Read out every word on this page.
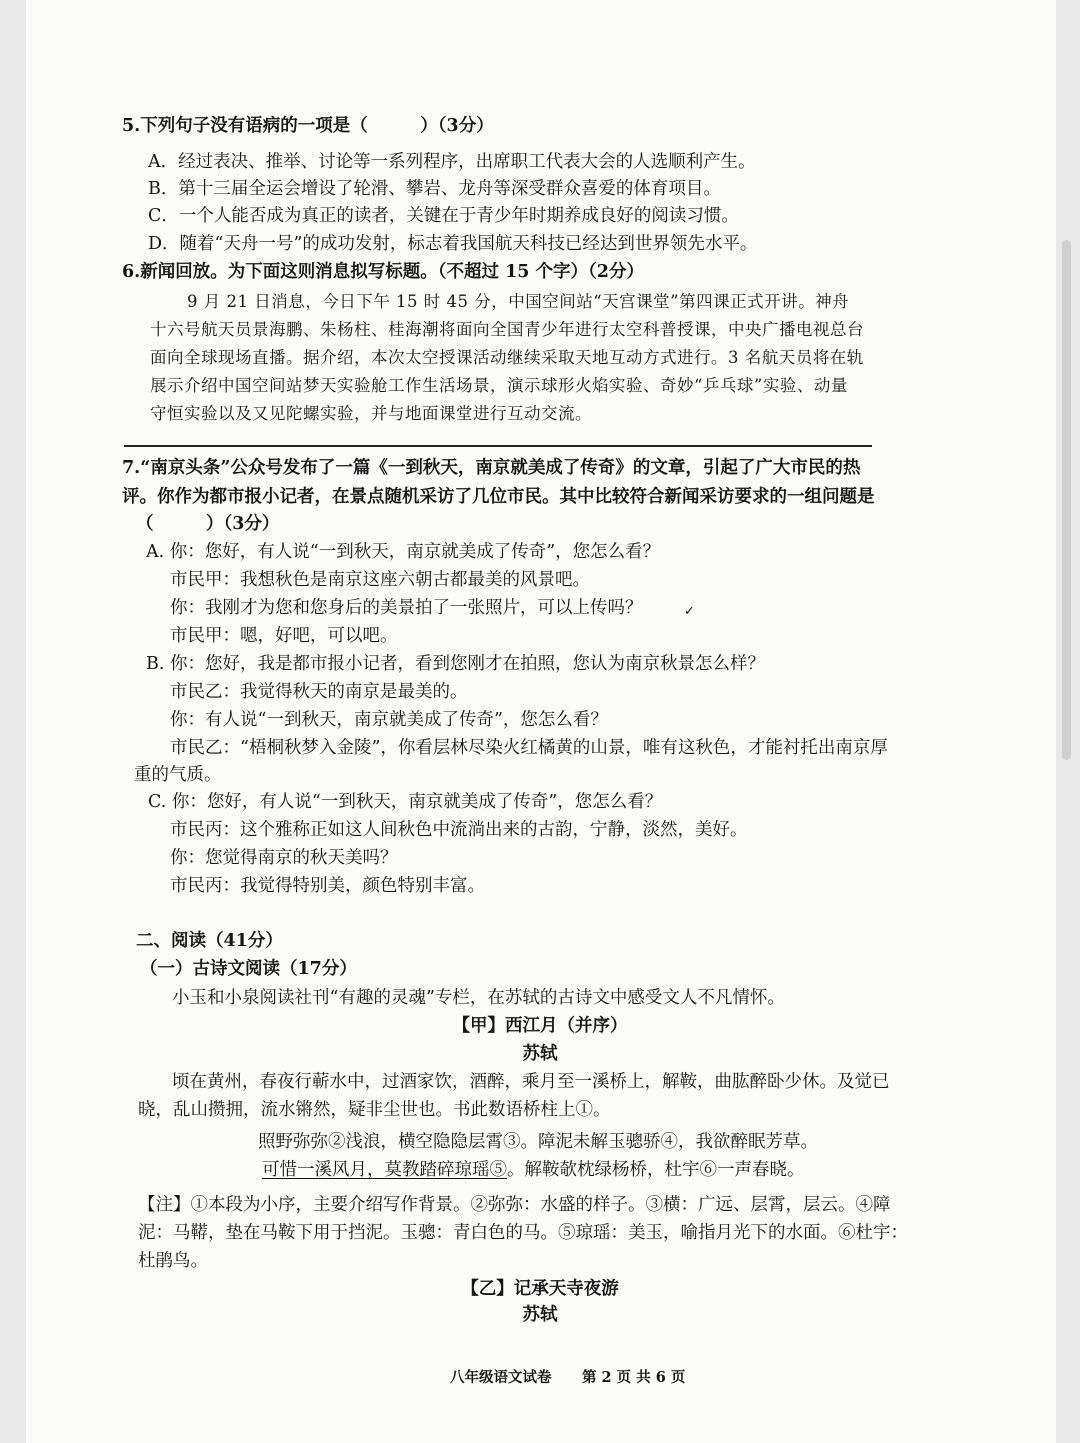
5.下列句子没有语病的一项是（　　　）（3分）
A．经过表决、推举、讨论等一系列程序，出席职工代表大会的人选顺利产生。
B．第十三届全运会增设了轮滑、攀岩、龙舟等深受群众喜爱的体育项目。
C．一个人能否成为真正的读者，关键在于青少年时期养成良好的阅读习惯。
D．随着“天舟一号”的成功发射，标志着我国航天科技已经达到世界领先水平。
6.新闻回放。为下面这则消息拟写标题。（不超过 15 个字）（2分）
9 月 21 日消息，今日下午 15 时 45 分，中国空间站“天宫课堂”第四课正式开讲。神舟
十六号航天员景海鹏、朱杨柱、桂海潮将面向全国青少年进行太空科普授课，中央广播电视总台
面向全球现场直播。据介绍，本次太空授课活动继续采取天地互动方式进行。3 名航天员将在轨
展示介绍中国空间站梦天实验舱工作生活场景，演示球形火焰实验、奇妙“乒乓球”实验、动量
守恒实验以及又见陀螺实验，并与地面课堂进行互动交流。
7.“南京头条”公众号发布了一篇《一到秋天，南京就美成了传奇》的文章，引起了广大市民的热
评。你作为都市报小记者，在景点随机采访了几位市民。其中比较符合新闻采访要求的一组问题是
（　　　）（3分）
A. 你：您好，有人说“一到秋天，南京就美成了传奇”，您怎么看？
市民甲：我想秋色是南京这座六朝古都最美的风景吧。
你：我刚才为您和您身后的美景拍了一张照片，可以上传吗？	✓
市民甲：嗯，好吧，可以吧。
B. 你：您好，我是都市报小记者，看到您刚才在拍照，您认为南京秋景怎么样？
市民乙：我觉得秋天的南京是最美的。
你：有人说“一到秋天，南京就美成了传奇”，您怎么看？
市民乙：“梧桐秋梦入金陵”，你看层林尽染火红橘黄的山景，唯有这秋色，才能衬托出南京厚
重的气质。
C. 你：您好，有人说“一到秋天，南京就美成了传奇”，您怎么看？
市民丙：这个雅称正如这人间秋色中流淌出来的古韵，宁静，淡然，美好。
你：您觉得南京的秋天美吗？
市民丙：我觉得特别美，颜色特别丰富。
二、阅读（41分）
（一）古诗文阅读（17分）
小玉和小泉阅读社刊“有趣的灵魂”专栏，在苏轼的古诗文中感受文人不凡情怀。
【甲】西江月（并序）
苏轼
顷在黄州，春夜行蕲水中，过酒家饮，酒醉，乘月至一溪桥上，解鞍，曲肱醉卧少休。及觉已
晓，乱山攒拥，流水锵然，疑非尘世也。书此数语桥柱上①。
照野弥弥②浅浪，横空隐隐层霄③。障泥未解玉骢骄④，我欲醉眠芳草。
可惜一溪风月，莫教踏碎琼瑶⑤。解鞍欹枕绿杨桥，杜宇⑥一声春晓。
【注】①本段为小序，主要介绍写作背景。②弥弥：水盛的样子。③横：广远、层霄，层云。④障
泥：马鞯，垫在马鞍下用于挡泥。玉骢：青白色的马。⑤琼瑶：美玉，喻指月光下的水面。⑥杜宇：
杜鹃鸟。
【乙】记承天寺夜游
苏轼
八年级语文试卷 第 2 页 共 6 页
